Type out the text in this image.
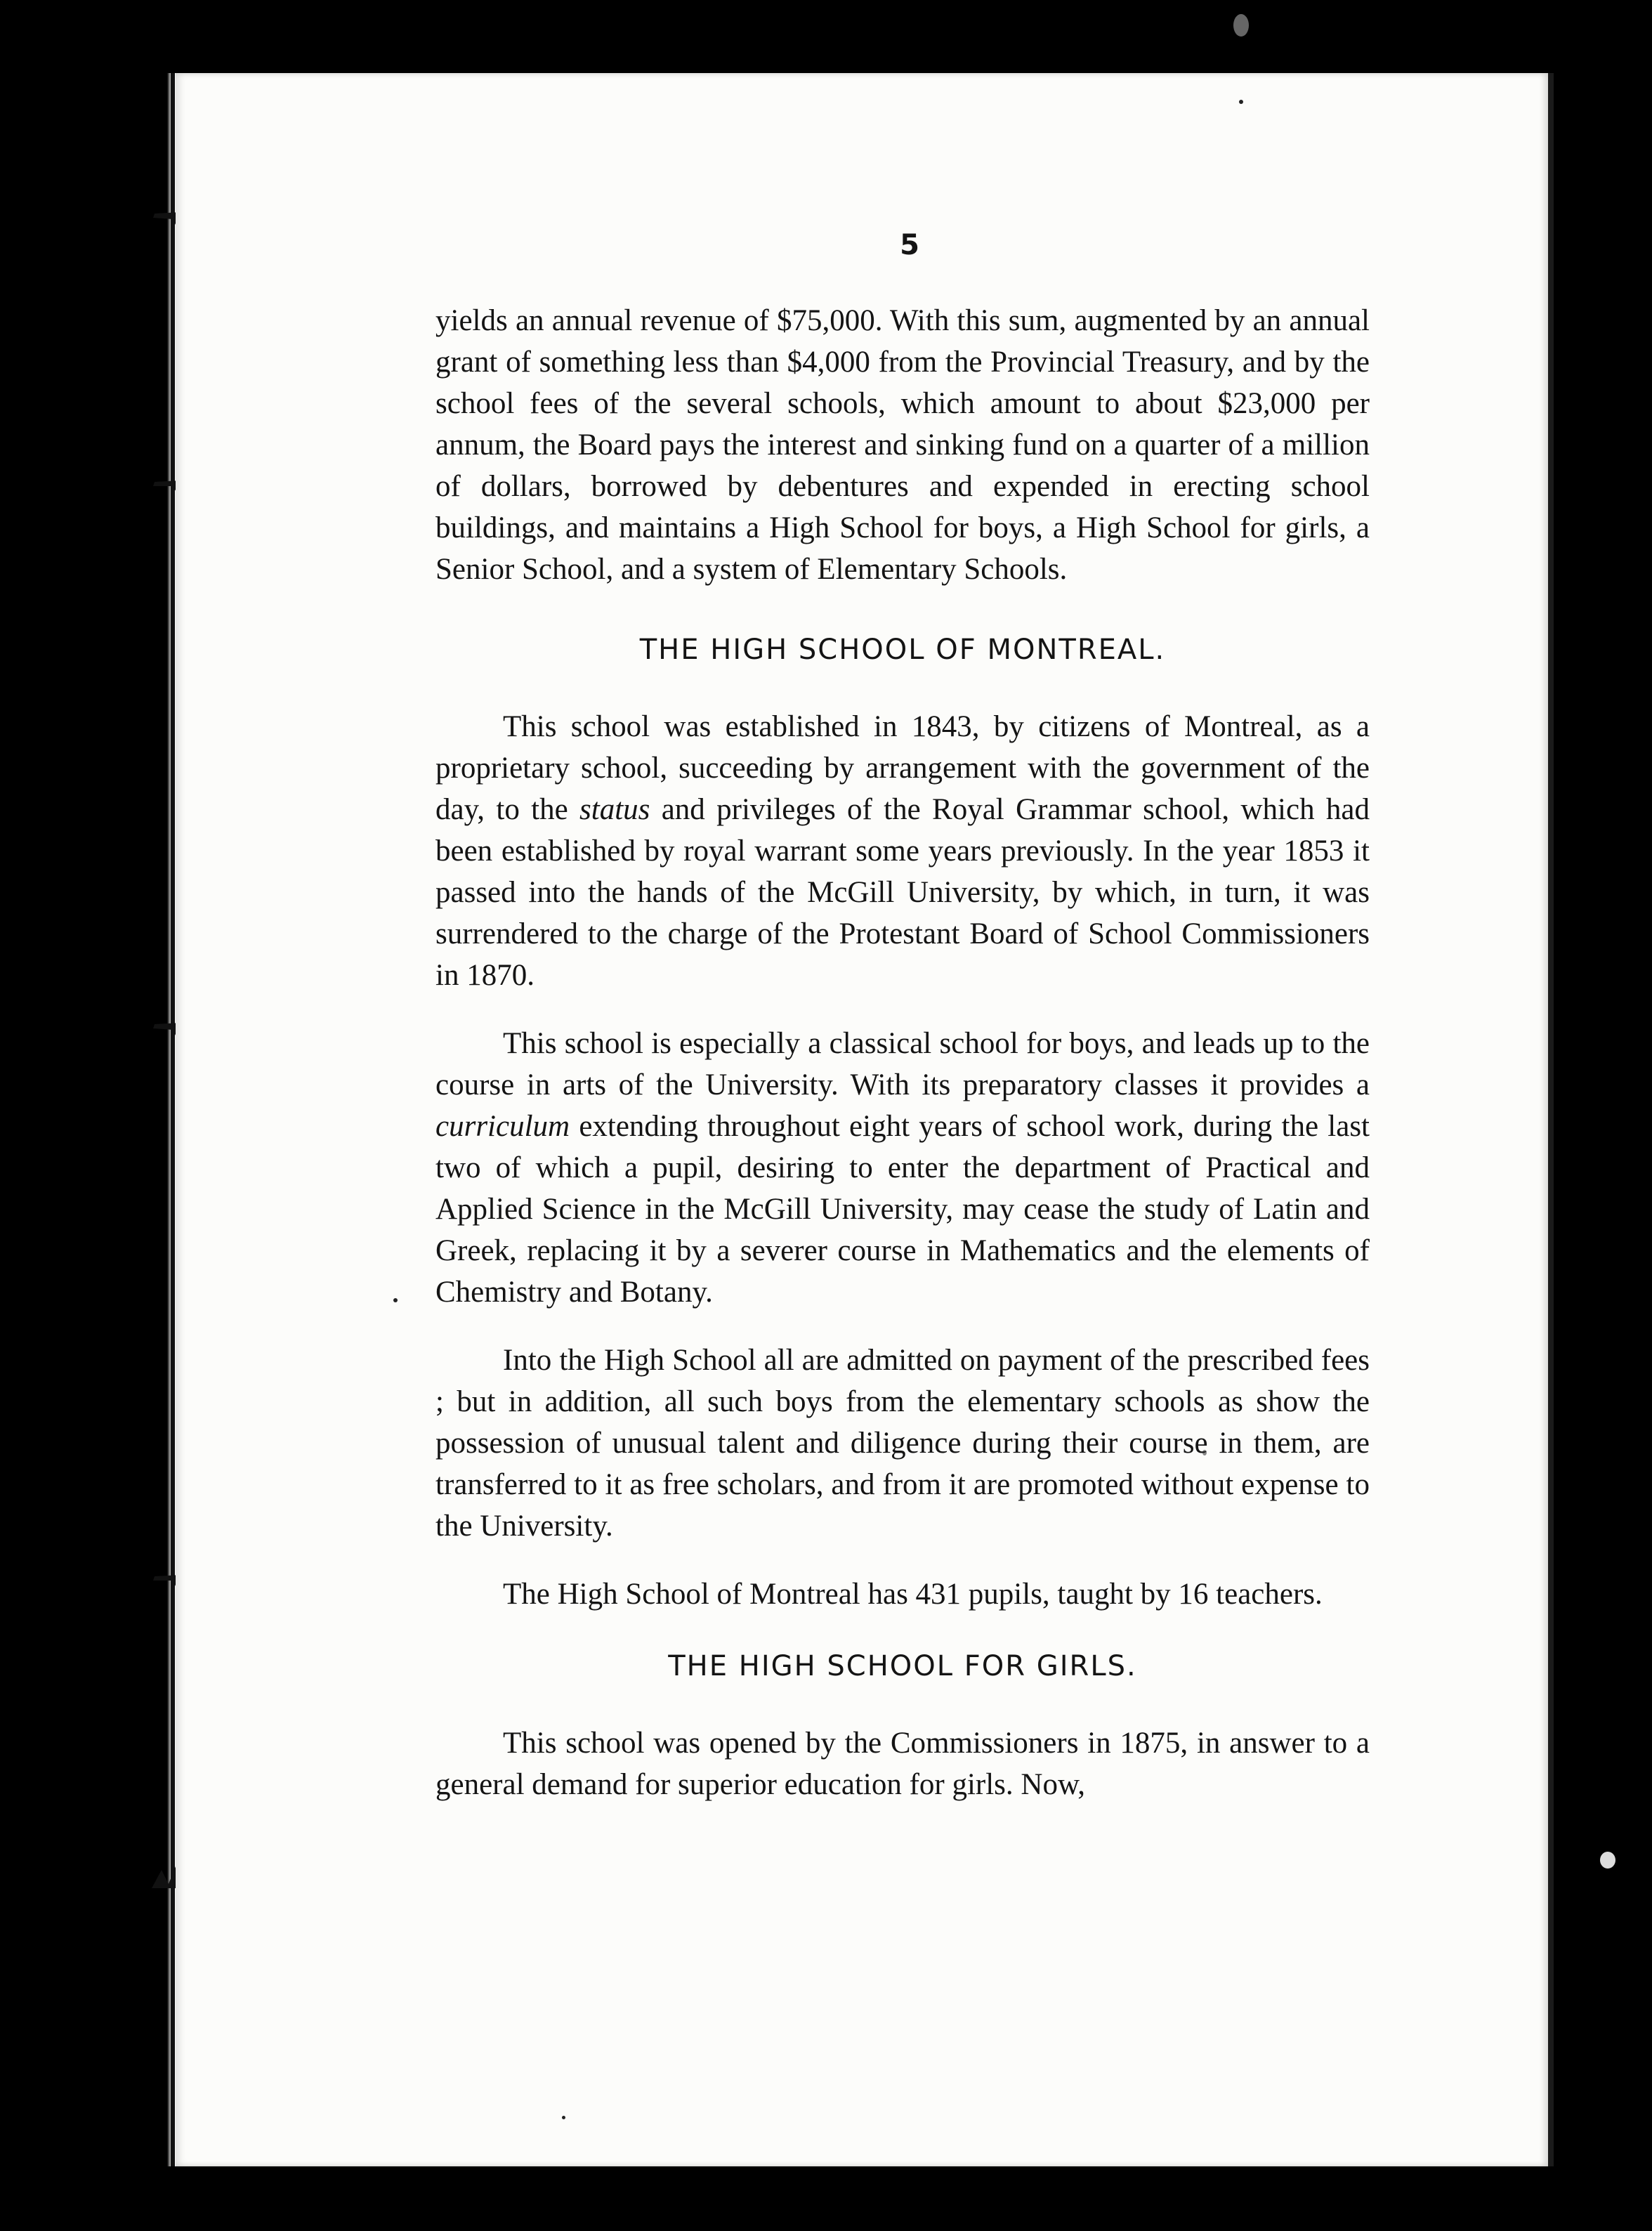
5

yields an annual revenue of $75,000. With this sum, augmented by an annual grant of something less than $4,000 from the Provincial Treasury, and by the school fees of the several schools, which amount to about $23,000 per annum, the Board pays the interest and sinking fund on a quarter of a million of dollars, borrowed by debentures and expended in erecting school buildings, and maintains a High School for boys, a High School for girls, a Senior School, and a system of Elementary Schools.

THE HIGH SCHOOL OF MONTREAL.

This school was established in 1843, by citizens of Montreal, as a proprietary school, succeeding by arrangement with the government of the day, to the status and privileges of the Royal Grammar school, which had been established by royal warrant some years previously. In the year 1853 it passed into the hands of the McGill University, by which, in turn, it was surrendered to the charge of the Protestant Board of School Commissioners in 1870.

This school is especially a classical school for boys, and leads up to the course in arts of the University. With its preparatory classes it provides a curriculum extending throughout eight years of school work, during the last two of which a pupil, desiring to enter the department of Practical and Applied Science in the McGill University, may cease the study of Latin and Greek, replacing it by a severer course in Mathematics and the elements of Chemistry and Botany.

Into the High School all are admitted on payment of the prescribed fees ; but in addition, all such boys from the elementary schools as show the possession of unusual talent and diligence during their course in them, are transferred to it as free scholars, and from it are promoted without expense to the University.

The High School of Montreal has 431 pupils, taught by 16 teachers.

THE HIGH SCHOOL FOR GIRLS.

This school was opened by the Commissioners in 1875, in answer to a general demand for superior education for girls. Now,
